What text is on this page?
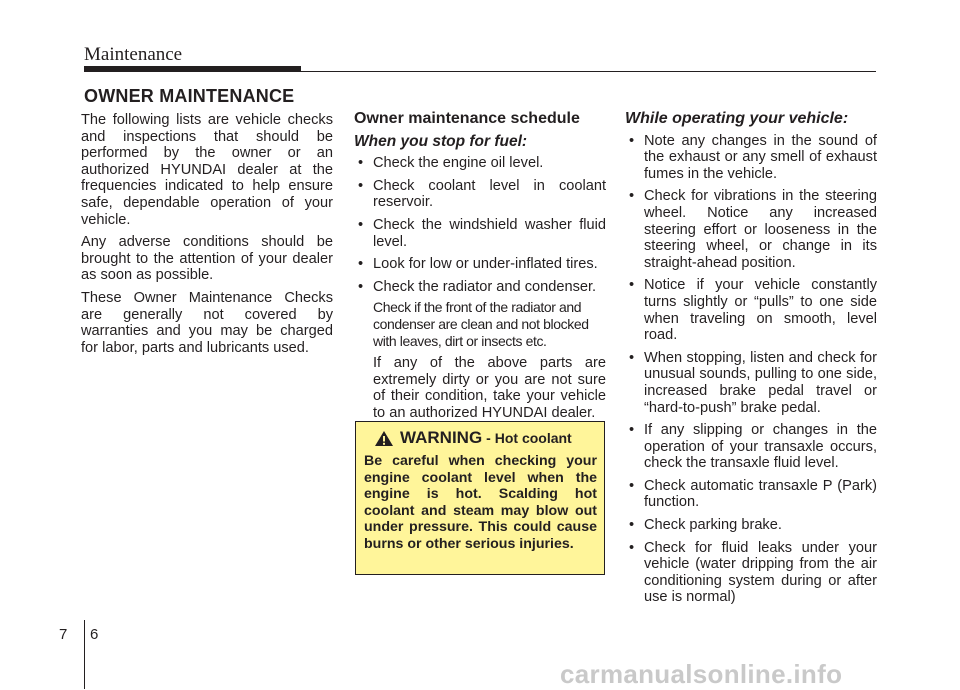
Maintenance
OWNER MAINTENANCE

The following lists are vehicle checks and inspections that should be performed by the owner or an authorized HYUNDAI dealer at the frequencies indicated to help ensure safe, dependable operation of your vehicle.

Any adverse conditions should be brought to the attention of your dealer as soon as possible.

These Owner Maintenance Checks are generally not covered by warranties and you may be charged for labor, parts and lubricants used.

Owner maintenance schedule
When you stop for fuel:
• Check the engine oil level.
• Check coolant level in coolant reservoir.
• Check the windshield washer fluid level.
• Look for low or under-inflated tires.
• Check the radiator and condenser.
Check if the front of the radiator and condenser are clean and not blocked with leaves, dirt or insects etc.
If any of the above parts are extremely dirty or you are not sure of their condition, take your vehicle to an authorized HYUNDAI dealer.
WARNING - Hot coolant
Be careful when checking your engine coolant level when the engine is hot. Scalding hot coolant and steam may blow out under pressure. This could cause burns or other serious injuries.
While operating your vehicle:
• Note any changes in the sound of the exhaust or any smell of exhaust fumes in the vehicle.
• Check for vibrations in the steering wheel. Notice any increased steering effort or looseness in the steering wheel, or change in its straight-ahead position.
• Notice if your vehicle constantly turns slightly or “pulls” to one side when traveling on smooth, level road.
• When stopping, listen and check for unusual sounds, pulling to one side, increased brake pedal travel or “hard-to-push” brake pedal.
• If any slipping or changes in the operation of your transaxle occurs, check the transaxle fluid level.
• Check automatic transaxle P (Park) function.
• Check parking brake.
• Check for fluid leaks under your vehicle (water dripping from the air conditioning system during or after use is normal)
7 6
carmanualsonline.info
